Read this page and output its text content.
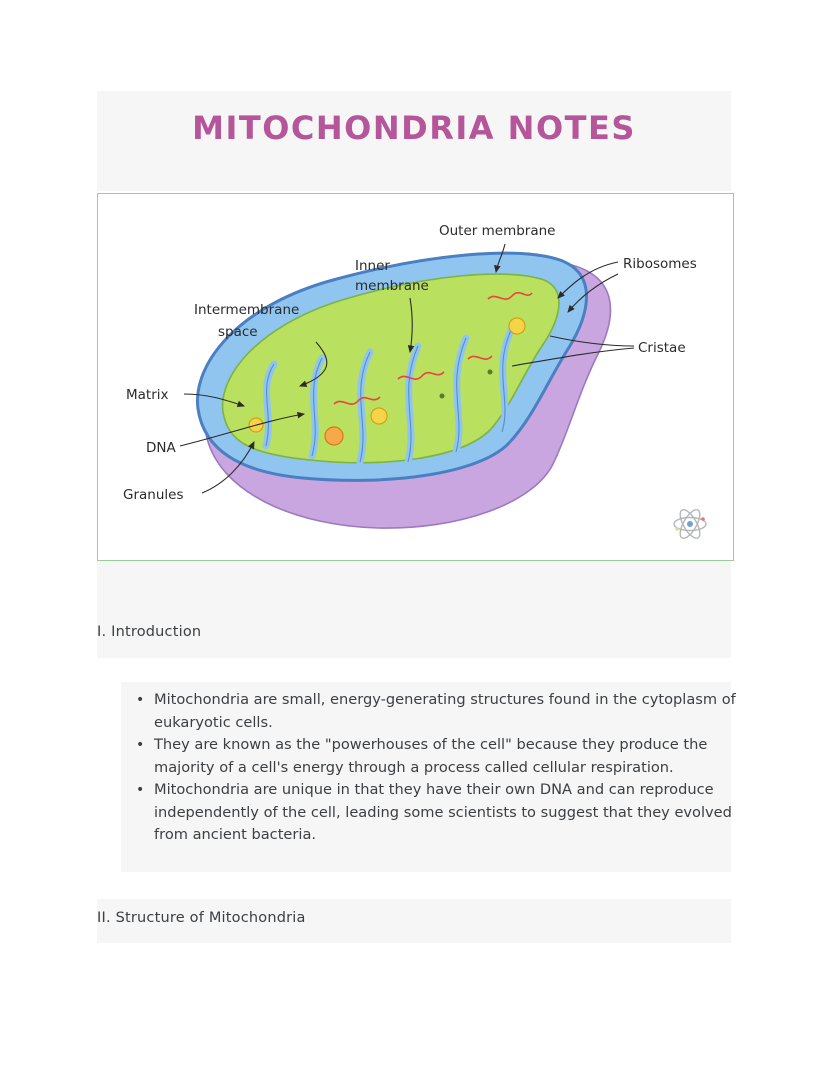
MITOCHONDRIA NOTES
Outer membrane
Inner
membrane
Ribosomes
Intermembrane
space
Cristae
Matrix
DNA
Granules
I. Introduction
• Mitochondria are small, energy-generating structures found in the cytoplasm of eukaryotic cells.
• They are known as the "powerhouses of the cell" because they produce the majority of a cell's energy through a process called cellular respiration.
• Mitochondria are unique in that they have their own DNA and can reproduce independently of the cell, leading some scientists to suggest that they evolved from ancient bacteria.
II. Structure of Mitochondria
